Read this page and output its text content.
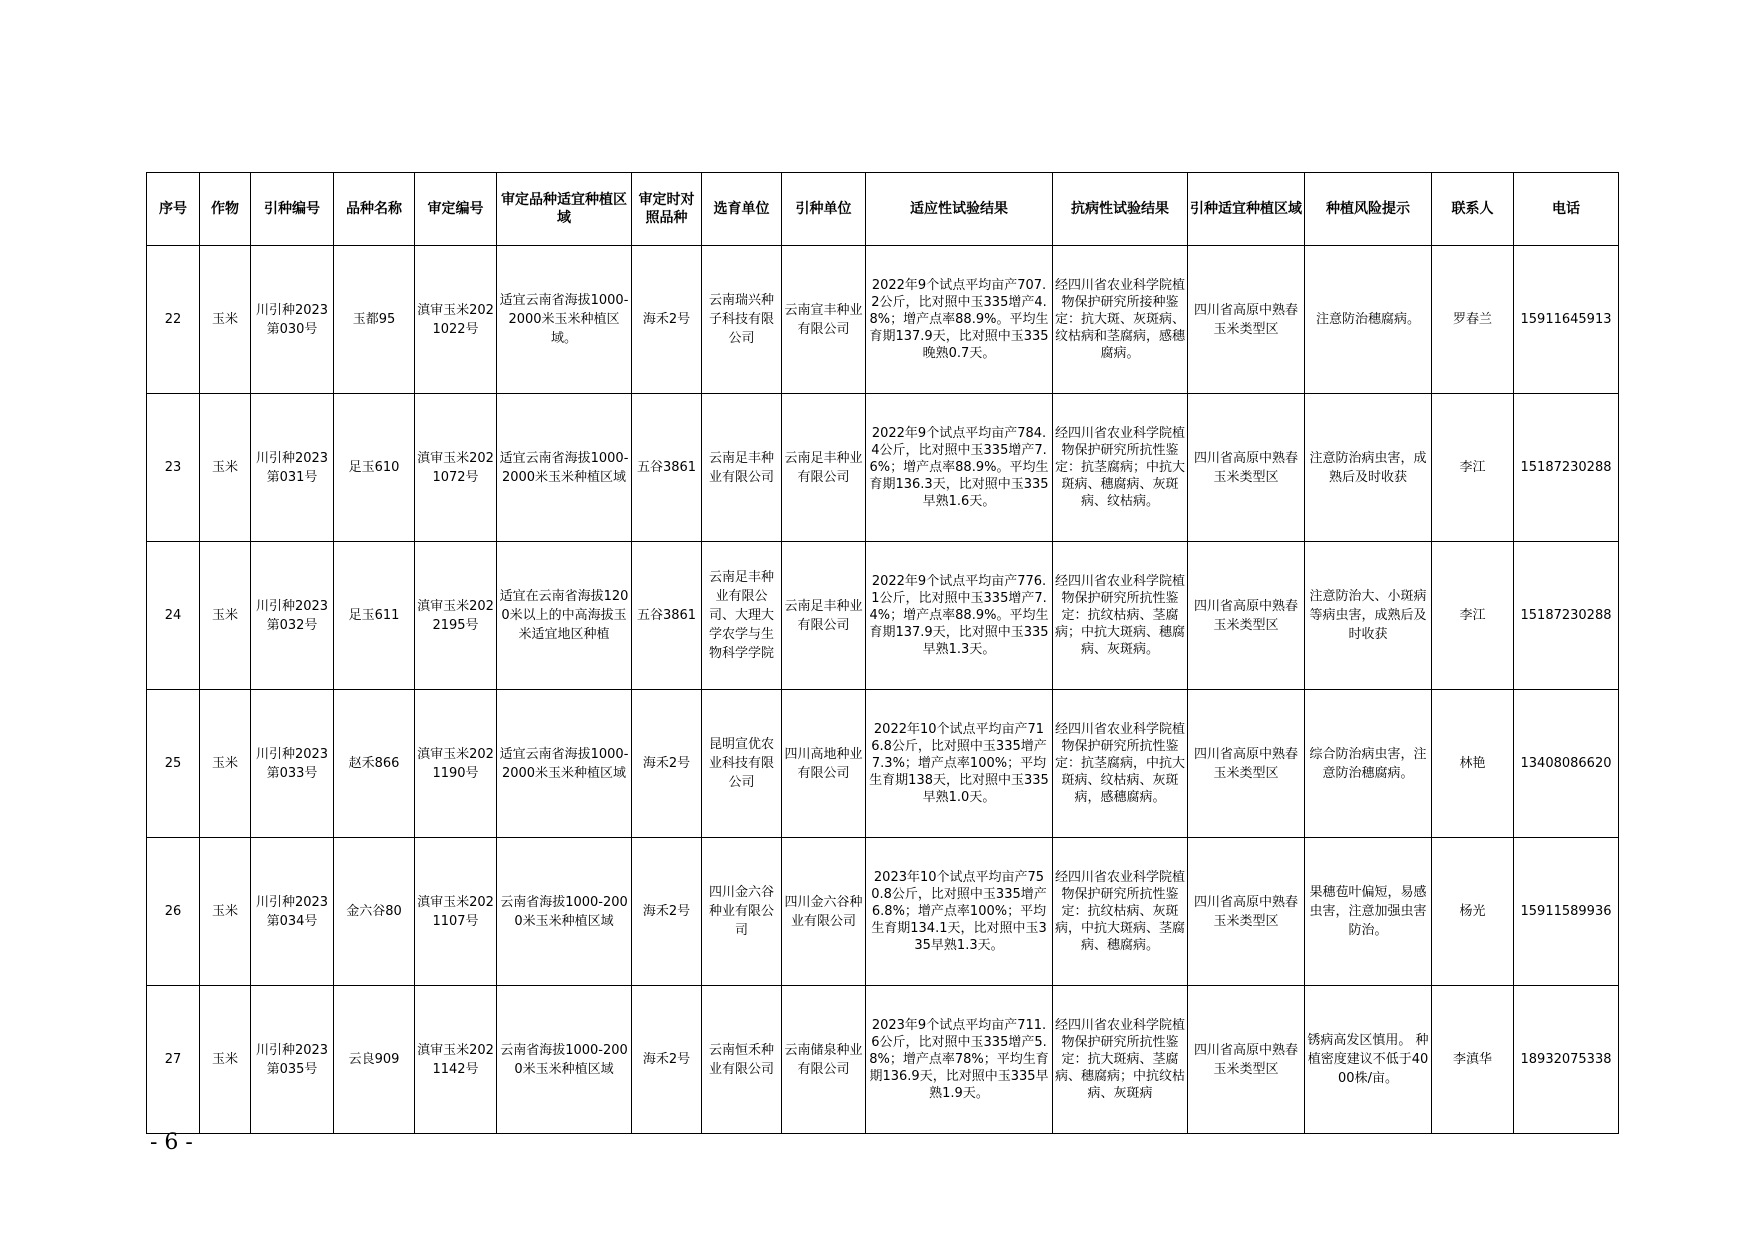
序号	作物	引种编号	品种名称	审定编号	审定品种适宜种植区域	审定时对照品种	选育单位	引种单位	适应性试验结果	抗病性试验结果	引种适宜种植区域	种植风险提示	联系人	电话
22	玉米	川引种2023第030号	玉都95	滇审玉米2021022号	适宜云南省海拔1000-2000米玉米种植区域。	海禾2号	云南瑞兴种子科技有限公司	云南宣丰种业有限公司	2022年9个试点平均亩产707.2公斤，比对照中玉335增产4.8%；增产点率88.9%。平均生育期137.9天，比对照中玉335晚熟0.7天。	经四川省农业科学院植物保护研究所接种鉴定：抗大斑、灰斑病、纹枯病和茎腐病，感穗腐病。	四川省高原中熟春玉米类型区	注意防治穗腐病。	罗春兰	15911645913
23	玉米	川引种2023第031号	足玉610	滇审玉米2021072号	适宜云南省海拔1000-2000米玉米种植区域	五谷3861	云南足丰种业有限公司	云南足丰种业有限公司	2022年9个试点平均亩产784.4公斤，比对照中玉335增产7.6%；增产点率88.9%。平均生育期136.3天，比对照中玉335早熟1.6天。	经四川省农业科学院植物保护研究所抗性鉴定：抗茎腐病；中抗大斑病、穗腐病、灰斑病、纹枯病。	四川省高原中熟春玉米类型区	注意防治病虫害，成熟后及时收获	李江	15187230288
24	玉米	川引种2023第032号	足玉611	滇审玉米2022195号	适宜在云南省海拔1200米以上的中高海拔玉米适宜地区种植	五谷3861	云南足丰种业有限公司、大理大学农学与生物科学学院	云南足丰种业有限公司	2022年9个试点平均亩产776.1公斤，比对照中玉335增产7.4%；增产点率88.9%。平均生育期137.9天，比对照中玉335早熟1.3天。	经四川省农业科学院植物保护研究所抗性鉴定：抗纹枯病、茎腐病；中抗大斑病、穗腐病、灰斑病。	四川省高原中熟春玉米类型区	注意防治大、小斑病等病虫害，成熟后及时收获	李江	15187230288
25	玉米	川引种2023第033号	赵禾866	滇审玉米2021190号	适宜云南省海拔1000-2000米玉米种植区域	海禾2号	昆明宣优农业科技有限公司	四川高地种业有限公司	2022年10个试点平均亩产716.8公斤，比对照中玉335增产7.3%；增产点率100%；平均生育期138天，比对照中玉335早熟1.0天。	经四川省农业科学院植物保护研究所抗性鉴定：抗茎腐病，中抗大斑病、纹枯病、灰斑病，感穗腐病。	四川省高原中熟春玉米类型区	综合防治病虫害，注意防治穗腐病。	林艳	13408086620
26	玉米	川引种2023第034号	金六谷80	滇审玉米2021107号	云南省海拔1000-2000米玉米种植区域	海禾2号	四川金六谷种业有限公司	四川金六谷种业有限公司	2023年10个试点平均亩产750.8公斤，比对照中玉335增产6.8%；增产点率100%；平均生育期134.1天，比对照中玉335早熟1.3天。	经四川省农业科学院植物保护研究所抗性鉴定：抗纹枯病、灰斑病，中抗大斑病、茎腐病、穗腐病。	四川省高原中熟春玉米类型区	果穗苞叶偏短，易感虫害，注意加强虫害防治。	杨光	15911589936
27	玉米	川引种2023第035号	云良909	滇审玉米2021142号	云南省海拔1000-2000米玉米种植区域	海禾2号	云南恒禾种业有限公司	云南储泉种业有限公司	2023年9个试点平均亩产711.6公斤，比对照中玉335增产5.8%；增产点率78%；平均生育期136.9天，比对照中玉335早熟1.9天。	经四川省农业科学院植物保护研究所抗性鉴定：抗大斑病、茎腐病、穗腐病；中抗纹枯病、灰斑病	四川省高原中熟春玉米类型区	锈病高发区慎用。 种植密度建议不低于4000株/亩。	李滇华	18932075338
- 6 -
